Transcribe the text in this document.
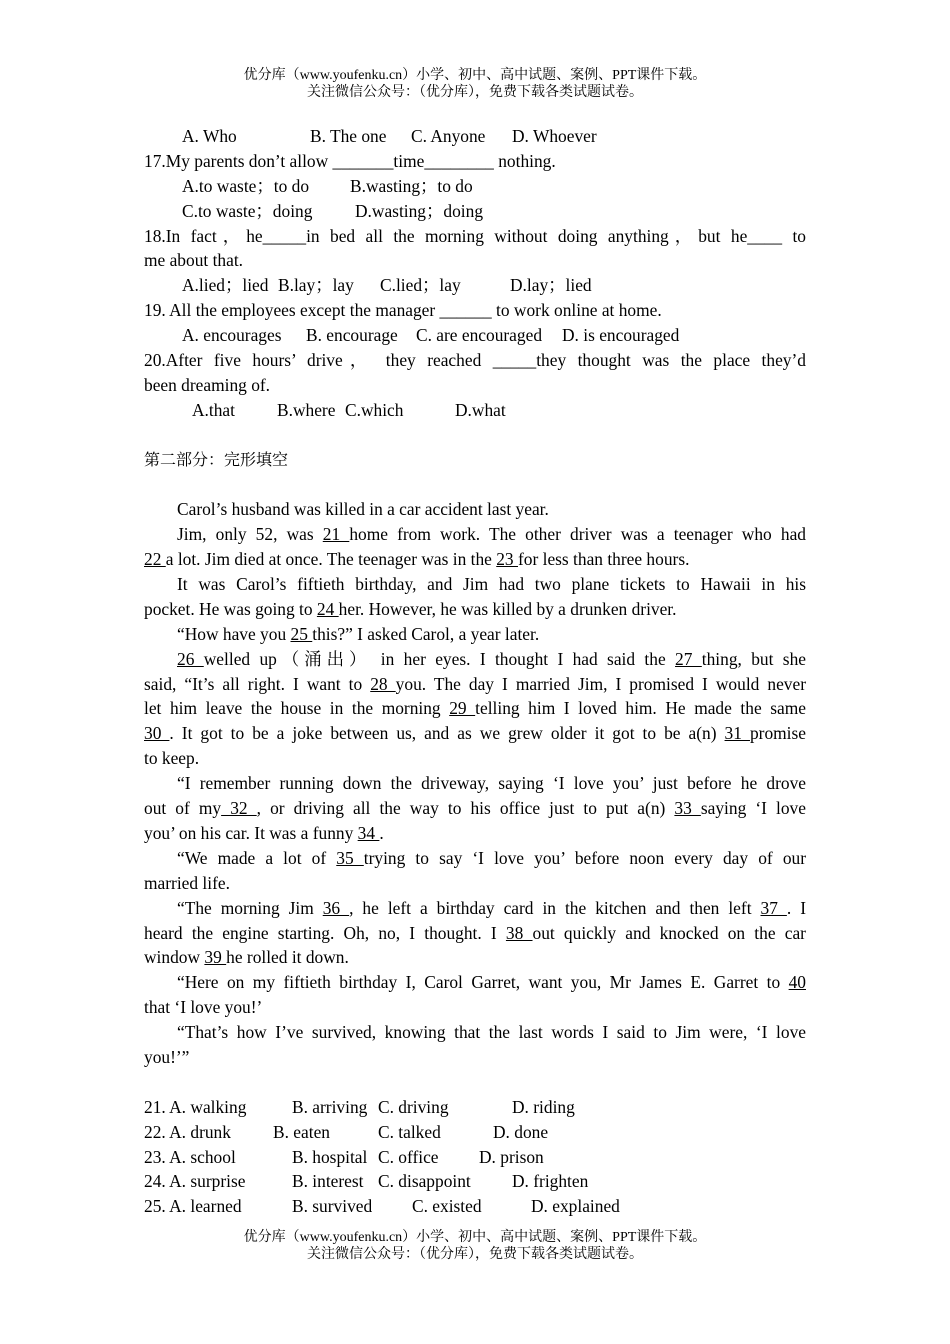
优分库（www.youfenku.cn）小学、初中、高中试题、案例、PPT课件下载。
关注微信公众号：（优分库），免费下载各类试题试卷。
A. Who	B. The one C. Anyone D. Whoever
17.My parents don’t allow _______time________ nothing.
A.to waste；to do B.wasting；to do
C.to waste；doing D.wasting；doing
18.In fact，he_____in bed all the morning without doing anything，but he____ to
me about that.
A.lied；lied B.lay；lay C.lied；lay	D.lay；lied
19. All the employees except the manager ______ to work online at home.
A. encourages B. encourage C. are encouraged D. is encouraged
20.After five hours’ drive， they reached _____they thought was the place they’d
been dreaming of.
A.that B.where C.which	D.what
第二部分：完形填空
Carol’s husband was killed in a car accident last year.
Jim, only 52, was 21 home from work. The other driver was a teenager who had
22 a lot. Jim died at once. The teenager was in the 23 for less than three hours.
It was Carol’s fiftieth birthday, and Jim had two plane tickets to Hawaii in his
pocket. He was going to 24 her. However, he was killed by a drunken driver.
“How have you 25 this?” I asked Carol, a year later.
26 welled up（涌出） in her eyes. I thought I had said the 27 thing, but she
said, “It’s all right. I want to 28 you. The day I married Jim, I promised I would never
let him leave the house in the morning 29 telling him I loved him. He made the same
30 . It got to be a joke between us, and as we grew older it got to be a(n) 31 promise
to keep.
“I remember running down the driveway, saying ‘I love you’ just before he drove
out of my 32 , or driving all the way to his office just to put a(n) 33 saying ‘I love
you’ on his car. It was a funny 34 .
“We made a lot of 35 trying to say ‘I love you’ before noon every day of our
married life.
“The morning Jim 36 , he left a birthday card in the kitchen and then left 37 . I
heard the engine starting. Oh, no, I thought. I 38 out quickly and knocked on the car
window 39 he rolled it down.
“Here on my fiftieth birthday I, Carol Garret, want you, Mr James E. Garret to 40
that ‘I love you!’
“That’s how I’ve survived, knowing that the last words I said to Jim were, ‘I love
you!’”
21. A. walking	B. arriving C. driving	D. riding
22. A. drunk B. eaten	C. talked	D. done
23. A. school	B. hospital C. office D. prison
24. A. surprise	B. interest C. disappoint D. frighten
25. A. learned	B. survived C. existed	D. explained
优分库（www.youfenku.cn）小学、初中、高中试题、案例、PPT课件下载。
关注微信公众号：（优分库），免费下载各类试题试卷。
